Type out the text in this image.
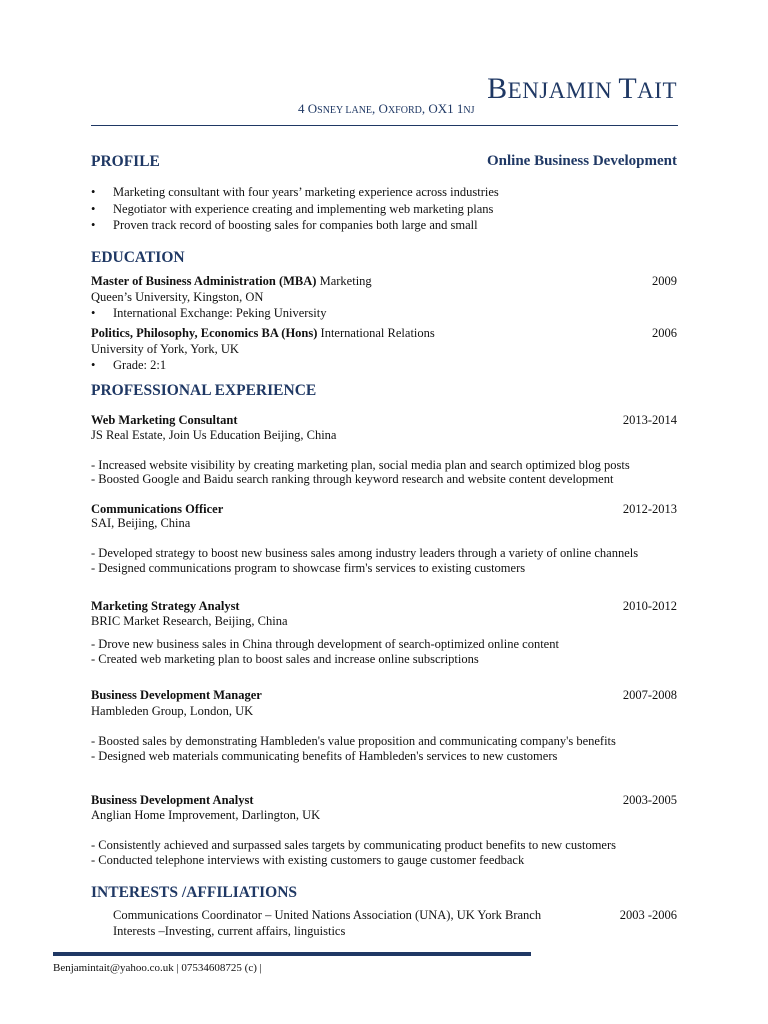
BENJAMIN TAIT
4 OSNEY LANE, OXFORD, OX1 1NJ
PROFILE	Online Business Development
• Marketing consultant with four years’ marketing experience across industries
• Negotiator with experience creating and implementing web marketing plans
• Proven track record of boosting sales for companies both large and small
EDUCATION
Master of Business Administration (MBA) Marketing	2009
Queen’s University, Kingston, ON
• International Exchange: Peking University
Politics, Philosophy, Economics BA (Hons) International Relations	2006
University of York, York, UK
• Grade: 2:1
PROFESSIONAL EXPERIENCE
Web Marketing Consultant	2013-2014
JS Real Estate, Join Us Education Beijing, China
- Increased website visibility by creating marketing plan, social media plan and search optimized blog posts
- Boosted Google and Baidu search ranking through keyword research and website content development
Communications Officer	2012-2013
SAI, Beijing, China
- Developed strategy to boost new business sales among industry leaders through a variety of online channels
- Designed communications program to showcase firm's services to existing customers
Marketing Strategy Analyst	2010-2012
BRIC Market Research, Beijing, China
- Drove new business sales in China through development of search-optimized online content
- Created web marketing plan to boost sales and increase online subscriptions
Business Development Manager	2007-2008
Hambleden Group, London, UK
- Boosted sales by demonstrating Hambleden's value proposition and communicating company's benefits
- Designed web materials communicating benefits of Hambleden's services to new customers
Business Development Analyst	2003-2005
Anglian Home Improvement, Darlington, UK
- Consistently achieved and surpassed sales targets by communicating product benefits to new customers
- Conducted telephone interviews with existing customers to gauge customer feedback
INTERESTS /AFFILIATIONS
Communications Coordinator – United Nations Association (UNA), UK York Branch	2003 -2006
Interests –Investing, current affairs, linguistics
Benjamintait@yahoo.co.uk | 07534608725 (c) |
